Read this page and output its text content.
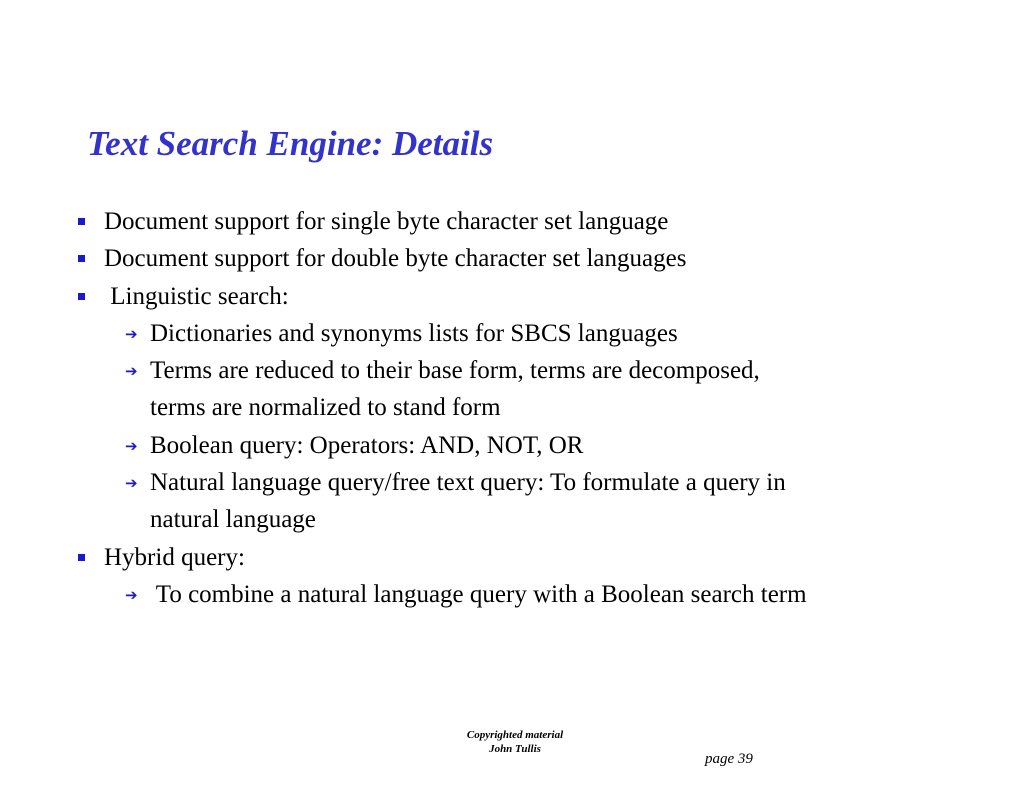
Text Search Engine: Details
Document support for single byte character set language
Document support for double byte character set languages
Linguistic search:
➔ Dictionaries and synonyms lists for SBCS languages
➔ Terms are reduced to their base form, terms are decomposed,
terms are normalized to stand form
➔ Boolean query: Operators: AND, NOT, OR
➔ Natural language query/free text query: To formulate a query in
natural language
Hybrid query:
➔ To combine a natural language query with a Boolean search term
Copyrighted material
John Tullis
page 39
